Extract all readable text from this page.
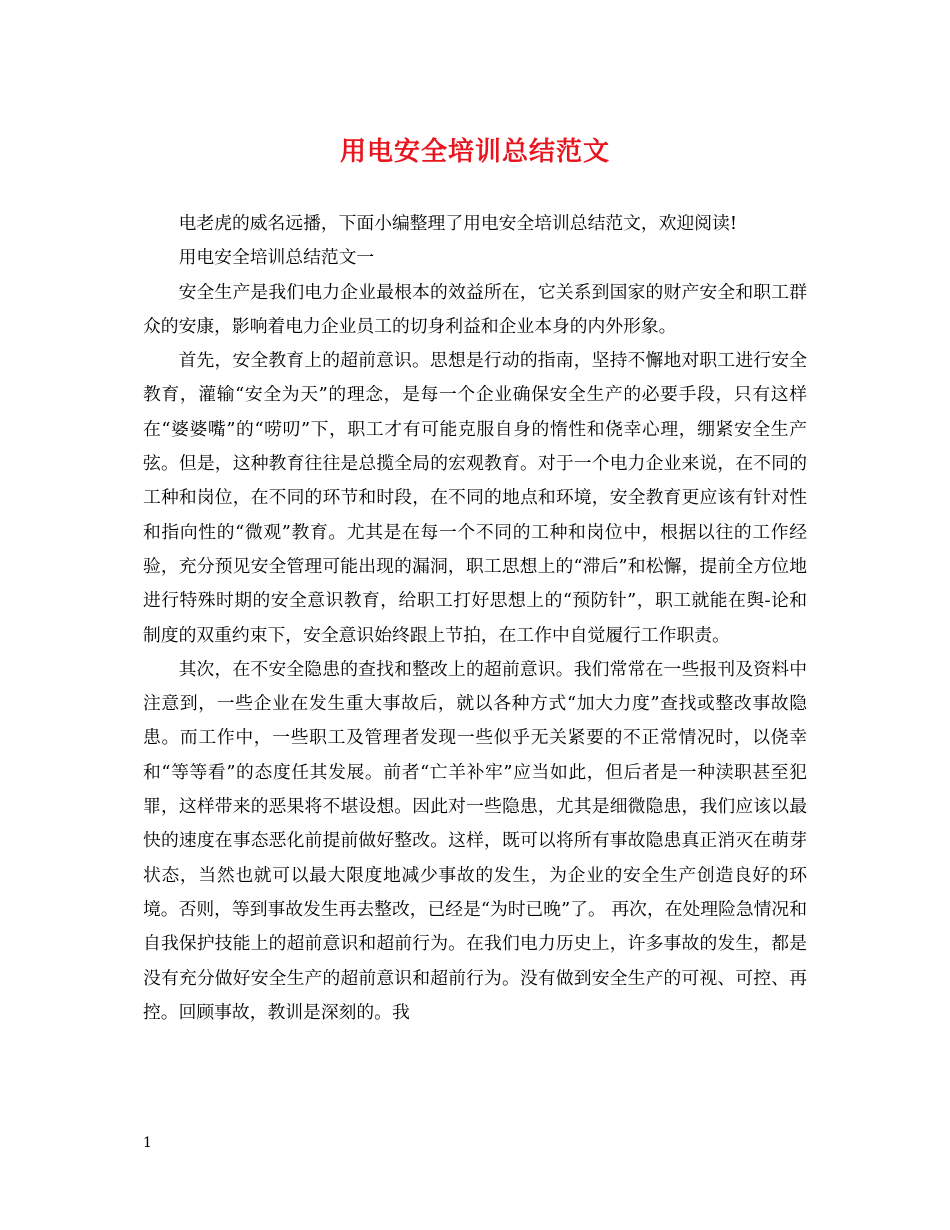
用电安全培训总结范文

电老虎的威名远播，下面小编整理了用电安全培训总结范文，欢迎阅读!

用电安全培训总结范文一

安全生产是我们电力企业最根本的效益所在，它关系到国家的财产安全和职工群众的安康，影响着电力企业员工的切身利益和企业本身的内外形象。

首先，安全教育上的超前意识。思想是行动的指南，坚持不懈地对职工进行安全教育，灌输“安全为天”的理念，是每一个企业确保安全生产的必要手段，只有这样在“婆婆嘴”的“唠叨”下，职工才有可能克服自身的惰性和侥幸心理，绷紧安全生产弦。但是，这种教育往往是总揽全局的宏观教育。对于一个电力企业来说，在不同的工种和岗位，在不同的环节和时段，在不同的地点和环境，安全教育更应该有针对性和指向性的“微观”教育。尤其是在每一个不同的工种和岗位中，根据以往的工作经验，充分预见安全管理可能出现的漏洞，职工思想上的“滞后”和松懈，提前全方位地进行特殊时期的安全意识教育，给职工打好思想上的“预防针”，职工就能在舆-论和制度的双重约束下，安全意识始终跟上节拍，在工作中自觉履行工作职责。

其次，在不安全隐患的查找和整改上的超前意识。我们常常在一些报刊及资料中注意到，一些企业在发生重大事故后，就以各种方式“加大力度”查找或整改事故隐患。而工作中，一些职工及管理者发现一些似乎无关紧要的不正常情况时，以侥幸和“等等看”的态度任其发展。前者“亡羊补牢”应当如此，但后者是一种渎职甚至犯罪，这样带来的恶果将不堪设想。因此对一些隐患，尤其是细微隐患，我们应该以最快的速度在事态恶化前提前做好整改。这样，既可以将所有事故隐患真正消灭在萌芽状态，当然也就可以最大限度地减少事故的发生，为企业的安全生产创造良好的环境。否则，等到事故发生再去整改，已经是“为时已晚”了。 再次，在处理险急情况和自我保护技能上的超前意识和超前行为。在我们电力历史上，许多事故的发生，都是没有充分做好安全生产的超前意识和超前行为。没有做到安全生产的可视、可控、再控。回顾事故，教训是深刻的。我

1
